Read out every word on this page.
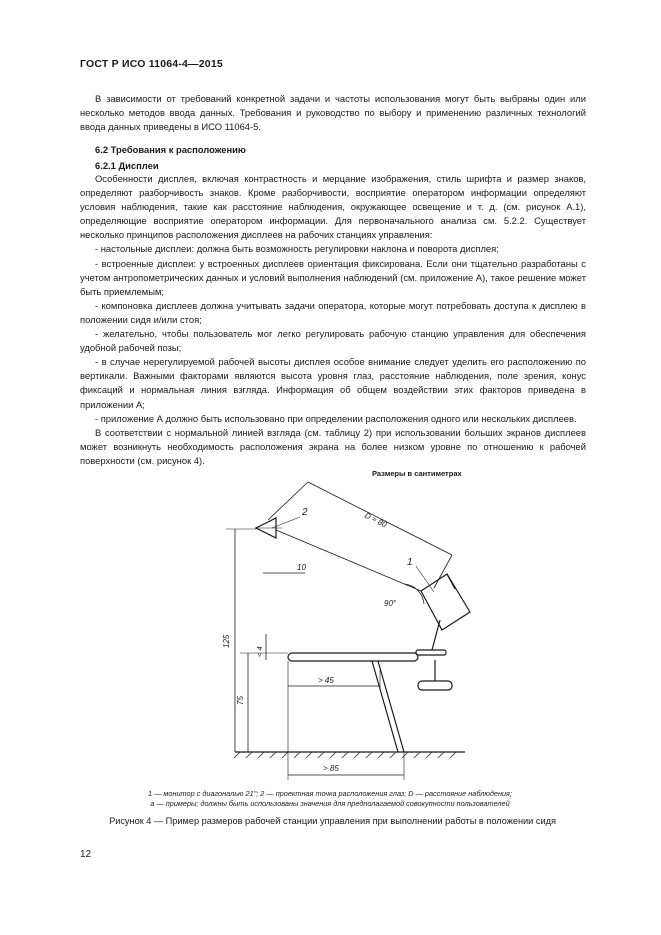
ГОСТ Р ИСО 11064-4—2015

В зависимости от требований конкретной задачи и частоты использования могут быть выбраны один или несколько методов ввода данных. Требования и руководство по выбору и применению различных технологий ввода данных приведены в ИСО 11064-5.

6.2 Требования к расположению

6.2.1 Дисплеи

Особенности дисплея, включая контрастность и мерцание изображения, стиль шрифта и размер знаков, определяют разборчивость знаков. Кроме разборчивости, восприятие оператором информации определяют условия наблюдения, такие как расстояние наблюдения, окружающее освещение и т. д. (см. рисунок А.1), определяющие восприятие оператором информации. Для первоначального анализа см. 5.2.2. Существует несколько принципов расположения дисплеев на рабочих станциях управления:

- настольные дисплеи: должна быть возможность регулировки наклона и поворота дисплея;

- встроенные дисплеи: у встроенных дисплеев ориентация фиксирована. Если они тщательно разработаны с учетом антропометрических данных и условий выполнения наблюдений (см. приложение А), такое решение может быть приемлемым;

- компоновка дисплеев должна учитывать задачи оператора, которые могут потребовать доступа к дисплею в положении сидя и/или стоя;

- желательно, чтобы пользователь мог легко регулировать рабочую станцию управления для обеспечения удобной рабочей позы;

- в случае нерегулируемой рабочей высоты дисплея особое внимание следует уделить его расположению по вертикали. Важными факторами являются высота уровня глаз, расстояние наблюдения, поле зрения, конус фиксаций и нормальная линия взгляда. Информация об общем воздействии этих факторов приведена в приложении А;

- приложение А должно быть использовано при определении расположения одного или нескольких дисплеев.

В соответствии с нормальной линией взгляда (см. таблицу 2) при использовании больших экранов дисплеев может возникнуть необходимость расположения экрана на более низком уровне по отношению к рабочей поверхности (см. рисунок 4).

Размеры в сантиметрах
D ≈ 80
1
2
10
90°
< 4
> 45
125
75
> 85
1 — монитор с диагональю 21"; 2 — проектная точка расположения глаз; D — расстояние наблюдения;
a — примеры; должны быть использованы значения для предполагаемой совокупности пользователей
Рисунок 4 — Пример размеров рабочей станции управления при выполнении работы в положении сидя
12
